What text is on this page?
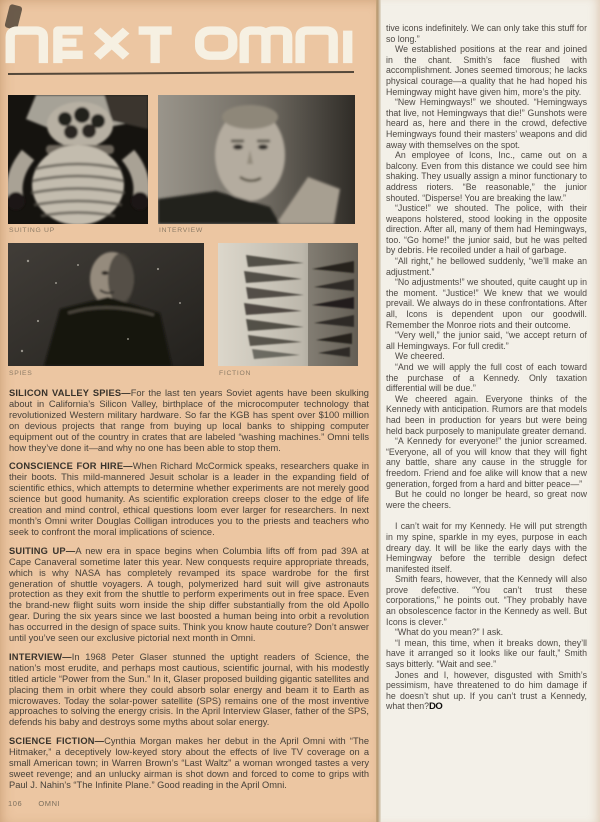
SUITING UP	INTERVIEW
SPIES	FICTION

SILICON VALLEY SPIES—For the last ten years Soviet agents have been skulking about in California’s Silicon Valley, birthplace of the microcomputer technology that revolutionized Western military hardware. So far the KGB has spent over $100 million on devious projects that range from buying up local banks to shipping computer equipment out of the country in crates that are labeled “washing machines.” Omni tells how they’ve done it—and why no one has been able to stop them.

CONSCIENCE FOR HIRE—When Richard McCormick speaks, researchers quake in their boots. This mild-mannered Jesuit scholar is a leader in the expanding field of scientific ethics, which attempts to determine whether experiments are not merely good science but good humanity. As scientific exploration creeps closer to the edge of life creation and mind control, ethical questions loom ever larger for researchers. In next month’s Omni writer Douglas Colligan introduces you to the priests and teachers who seek to confront the moral implications of science.

SUITING UP—A new era in space begins when Columbia lifts off from pad 39A at Cape Canaveral sometime later this year. New conquests require appropriate threads, which is why NASA has completely revamped its space wardrobe for the first generation of shuttle voyagers. A tough, polymerized hard suit will give astronauts protection as they exit from the shuttle to perform experiments out in free space. Even the brand-new flight suits worn inside the ship differ substantially from the old Apollo gear. During the six years since we last boosted a human being into orbit a revolution has occurred in the design of space suits. Think you know haute couture? Don’t answer until you’ve seen our exclusive pictorial next month in Omni.

INTERVIEW—In 1968 Peter Glaser stunned the uptight readers of Science, the nation’s most erudite, and perhaps most cautious, scientific journal, with his modestly titled article “Power from the Sun.” In it, Glaser proposed building gigantic satellites and placing them in orbit where they could absorb solar energy and beam it to Earth as microwaves. Today the solar-power satellite (SPS) remains one of the most inventive approaches to solving the energy crisis. In the April Interview Glaser, father of the SPS, defends his baby and destroys some myths about solar energy.

SCIENCE FICTION—Cynthia Morgan makes her debut in the April Omni with “The Hitmaker,” a deceptively low-keyed story about the effects of live TV coverage on a small American town; in Warren Brown’s “Last Waltz” a woman wronged tastes a very sweet revenge; and an unlucky airman is shot down and forced to come to grips with Paul J. Nahin’s “The Infinite Plane.” Good reading in the April Omni.

106 OMNI

tive icons indefinitely. We can only take this stuff for so long.”

We established positions at the rear and joined in the chant. Smith’s face flushed with accomplishment. Jones seemed timorous; he lacks physical courage—a quality that he had hoped his Hemingway might have given him, more’s the pity.

“New Hemingways!” we shouted. “Hemingways that live, not Hemingways that die!” Gunshots were heard as, here and there in the crowd, defective Hemingways found their masters’ weapons and did away with themselves on the spot.

An employee of Icons, Inc., came out on a balcony. Even from this distance we could see him shaking. They usually assign a minor functionary to address rioters. “Be reasonable,” the junior shouted. “Disperse! You are breaking the law.”

“Justice!” we shouted. The police, with their weapons holstered, stood looking in the opposite direction. After all, many of them had Hemingways, too. “Go home!” the junior said, but he was pelted by debris. He recoiled under a hail of garbage.

“All right,” he bellowed suddenly, “we’ll make an adjustment.”

“No adjustments!” we shouted, quite caught up in the moment. “Justice!” We knew that we would prevail. We always do in these confrontations. After all, Icons is dependent upon our goodwill. Remember the Monroe riots and their outcome.

“Very well,” the junior said, “we accept return of all Hemingways. For full credit.”

We cheered.

“And we will apply the full cost of each toward the purchase of a Kennedy. Only taxation differential will be due.”

We cheered again. Everyone thinks of the Kennedy with anticipation. Rumors are that models had been in production for years but were being held back purposely to manipulate greater demand.

“A Kennedy for everyone!” the junior screamed. “Everyone, all of you will know that they will fight any battle, share any cause in the struggle for freedom. Friend and foe alike will know that a new generation, forged from a hard and bitter peace—”

But he could no longer be heard, so great now were the cheers.

I can’t wait for my Kennedy. He will put strength in my spine, sparkle in my eyes, purpose in each dreary day. It will be like the early days with the Hemingway before the terrible design defect manifested itself.

Smith fears, however, that the Kennedy will also prove defective. “You can’t trust these corporations,” he points out. “They probably have an obsolescence factor in the Kennedy as well. But Icons is clever.”

“What do you mean?” I ask.

“I mean, this time, when it breaks down, they’ll have it arranged so it looks like our fault,” Smith says bitterly. “Wait and see.”

Jones and I, however, disgusted with Smith’s pessimism, have threatened to do him damage if he doesn’t shut up. If you can’t trust a Kennedy, what then?DO
